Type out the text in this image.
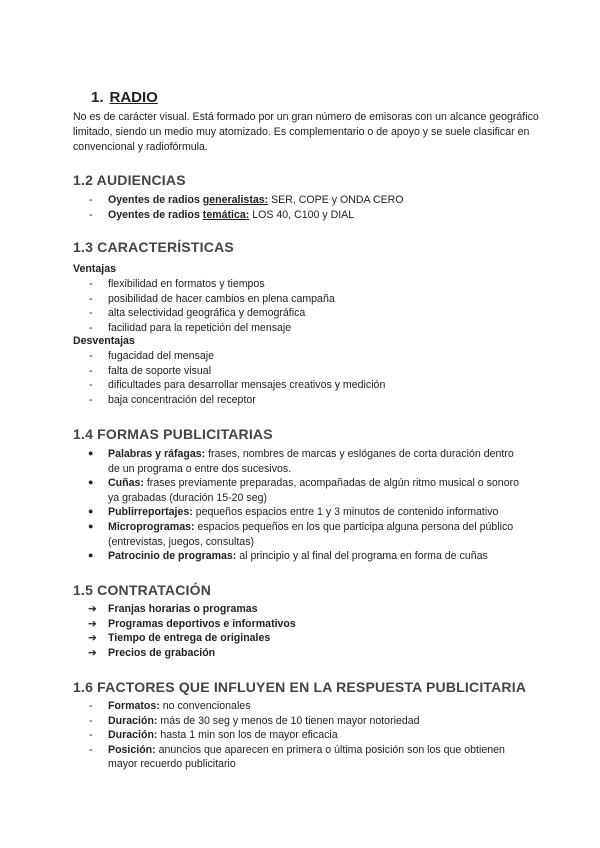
1. RADIO
No es de carácter visual. Está formado por un gran número de emisoras con un alcance geográfico limitado, siendo un medio muy atomizado. Es complementario o de apoyo y se suele clasificar en convencional y radiofórmula.
1.2 AUDIENCIAS
- Oyentes de radios generalistas: SER, COPE y ONDA CERO
- Oyentes de radios temática: LOS 40, C100 y DIAL
1.3 CARACTERÍSTICAS
Ventajas
- flexibilidad en formatos y tiempos
- posibilidad de hacer cambios en plena campaña
- alta selectividad geográfica y demográfica
- facilidad para la repetición del mensaje
Desventajas
- fugacidad del mensaje
- falta de soporte visual
- dificultades para desarrollar mensajes creativos y medición
- baja concentración del receptor
1.4 FORMAS PUBLICITARIAS
● Palabras y ráfagas: frases, nombres de marcas y eslóganes de corta duración dentro de un programa o entre dos sucesivos.
● Cuñas: frases previamente preparadas, acompañadas de algún ritmo musical o sonoro ya grabadas (duración 15-20 seg)
● Publirreportajes: pequeños espacios entre 1 y 3 minutos de contenido informativo
● Microprogramas: espacios pequeños en los que participa alguna persona del público (entrevistas, juegos, consultas)
● Patrocinio de programas: al principio y al final del programa en forma de cuñas
1.5 CONTRATACIÓN
➔ Franjas horarias o programas
➔ Programas deportivos e informativos
➔ Tiempo de entrega de originales
➔ Precios de grabación
1.6 FACTORES QUE INFLUYEN EN LA RESPUESTA PUBLICITARIA
- Formatos: no convencionales
- Duración: más de 30 seg y menos de 10 tienen mayor notoriedad
- Duración: hasta 1 min son los de mayor eficacia
- Posición: anuncios que aparecen en primera o última posición son los que obtienen mayor recuerdo publicitario
